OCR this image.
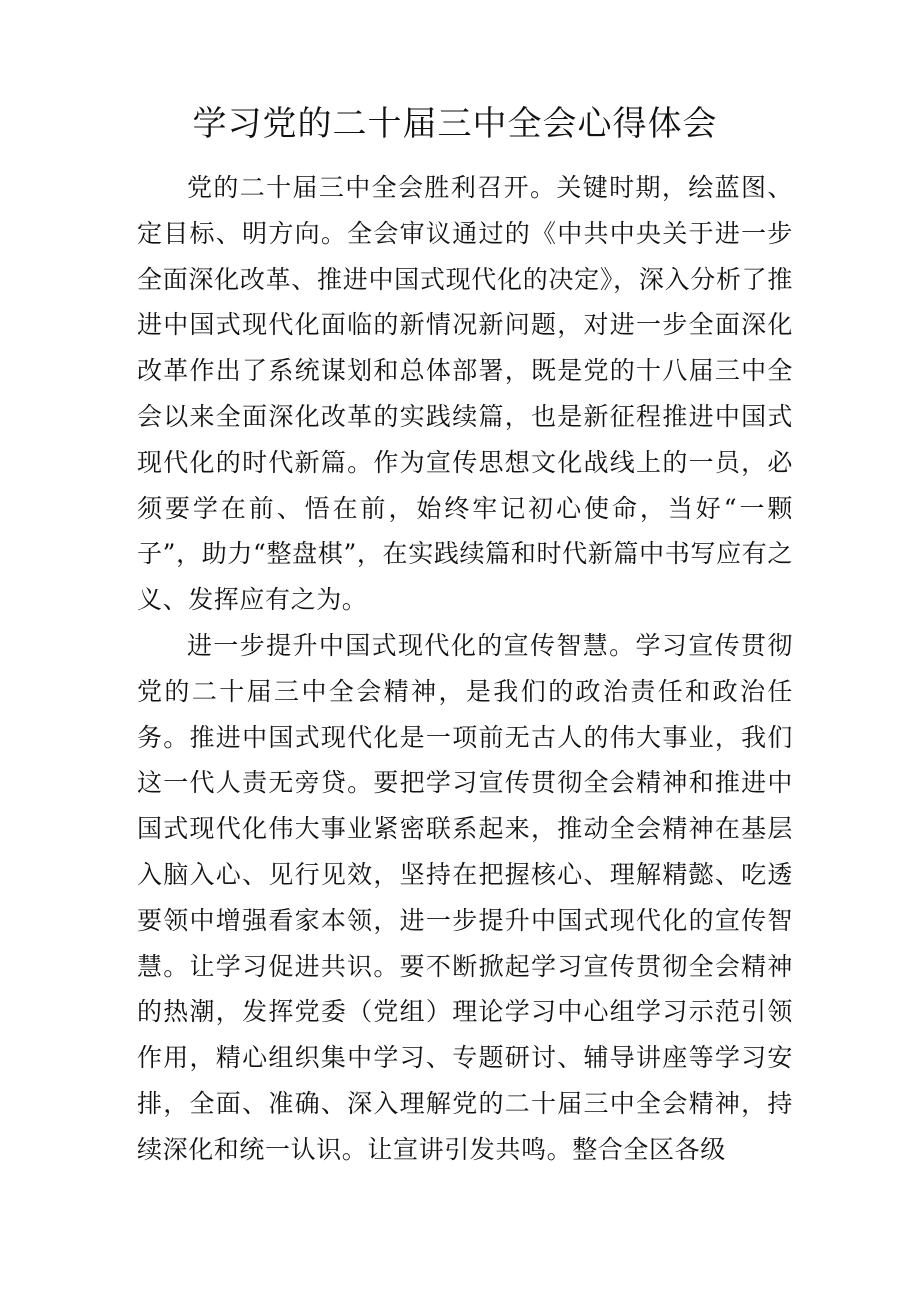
学习党的二十届三中全会心得体会

党的二十届三中全会胜利召开。关键时期，绘蓝图、定目标、明方向。全会审议通过的《中共中央关于进一步全面深化改革、推进中国式现代化的决定》，深入分析了推进中国式现代化面临的新情况新问题，对进一步全面深化改革作出了系统谋划和总体部署，既是党的十八届三中全会以来全面深化改革的实践续篇，也是新征程推进中国式现代化的时代新篇。作为宣传思想文化战线上的一员，必须要学在前、悟在前，始终牢记初心使命，当好“一颗子”，助力“整盘棋”，在实践续篇和时代新篇中书写应有之义、发挥应有之为。

进一步提升中国式现代化的宣传智慧。学习宣传贯彻党的二十届三中全会精神，是我们的政治责任和政治任务。推进中国式现代化是一项前无古人的伟大事业，我们这一代人责无旁贷。要把学习宣传贯彻全会精神和推进中国式现代化伟大事业紧密联系起来，推动全会精神在基层入脑入心、见行见效，坚持在把握核心、理解精懿、吃透要领中增强看家本领，进一步提升中国式现代化的宣传智慧。让学习促进共识。要不断掀起学习宣传贯彻全会精神的热潮，发挥党委（党组）理论学习中心组学习示范引领作用，精心组织集中学习、专题研讨、辅导讲座等学习安排，全面、准确、深入理解党的二十届三中全会精神，持续深化和统一认识。让宣讲引发共鸣。整合全区各级
